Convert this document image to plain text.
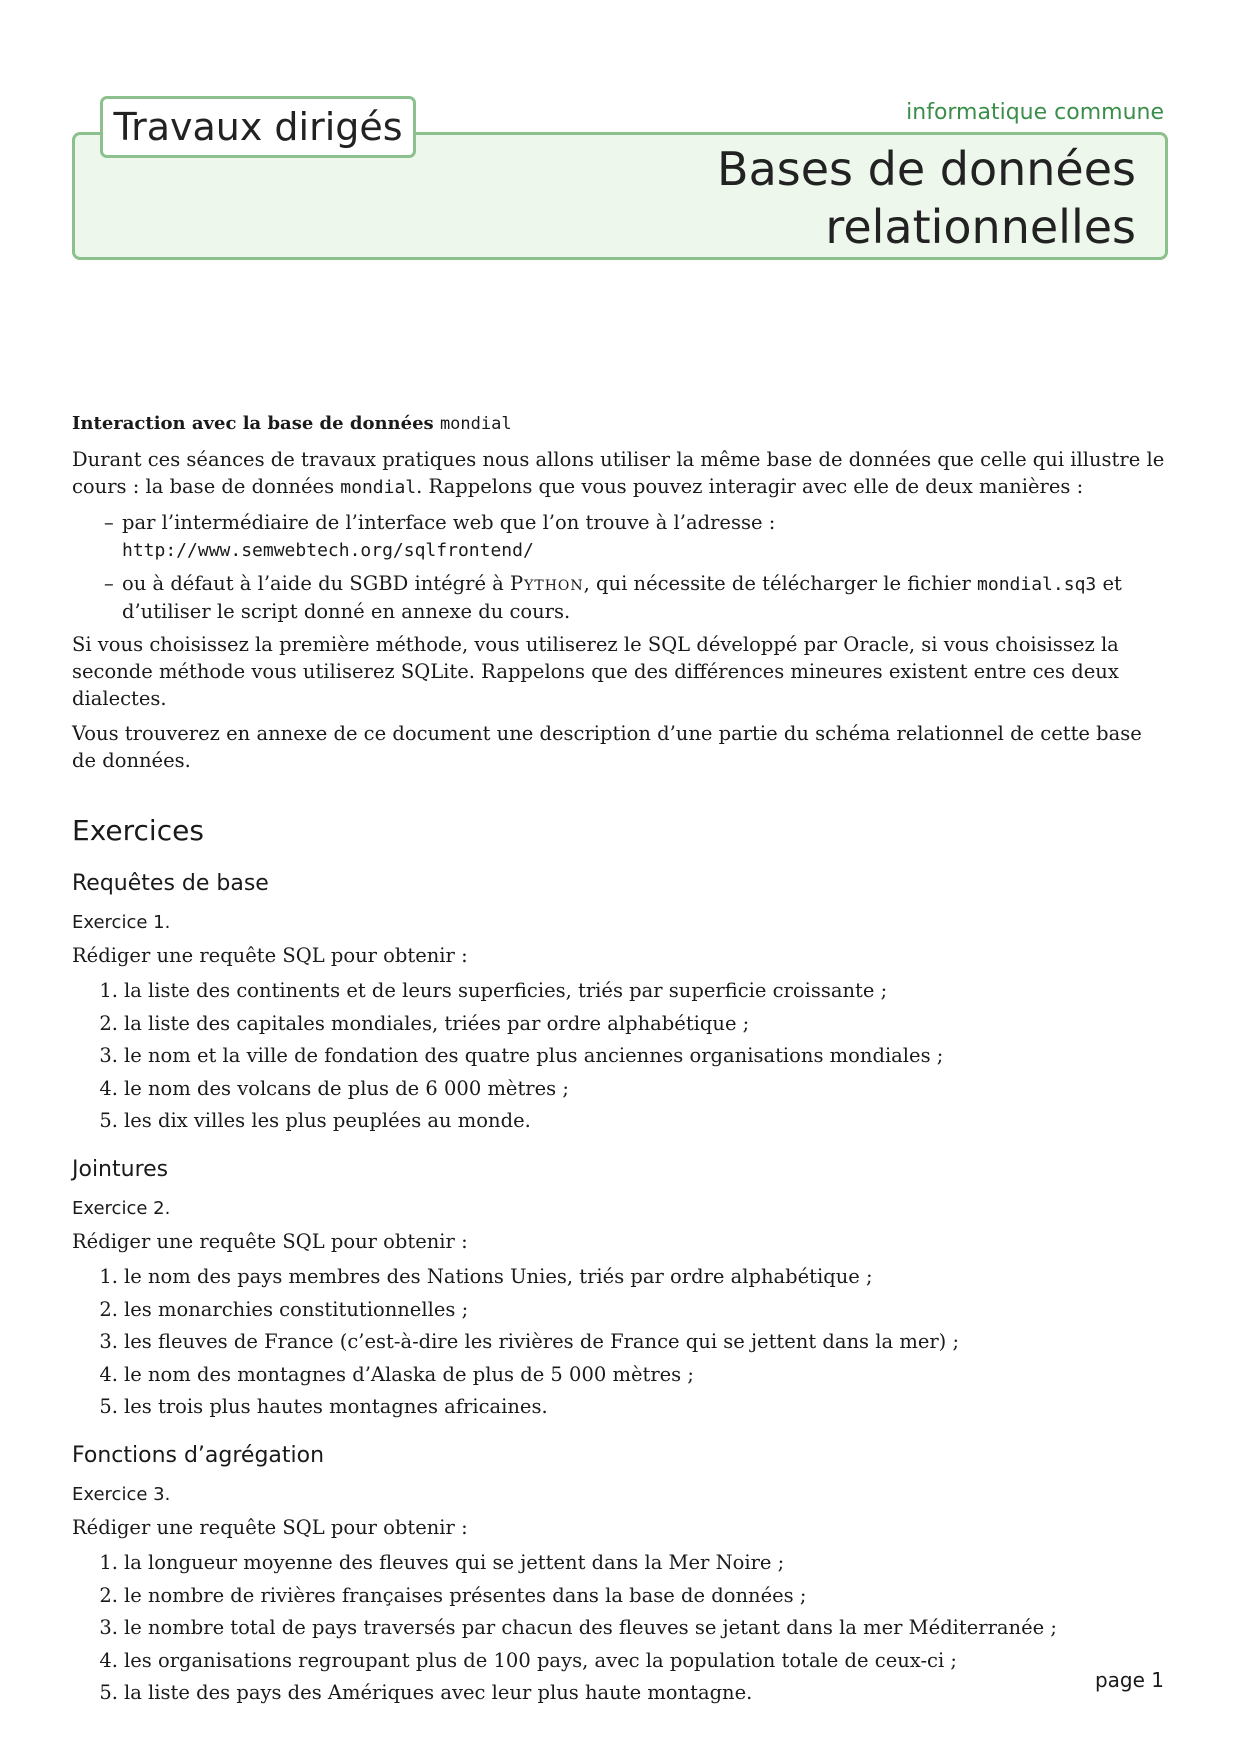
Travaux dirigés	informatique commune
Bases de données
relationnelles

Interaction avec la base de données mondial

Durant ces séances de travaux pratiques nous allons utiliser la même base de données que celle qui illustre le cours : la base de données mondial. Rappelons que vous pouvez interagir avec elle de deux manières :

– par l’intermédiaire de l’interface web que l’on trouve à l’adresse : http://www.semwebtech.org/sqlfrontend/
– ou à défaut à l’aide du SGBD intégré à Python, qui nécessite de télécharger le fichier mondial.sq3 et d’utiliser le script donné en annexe du cours.

Si vous choisissez la première méthode, vous utiliserez le SQL développé par Oracle, si vous choisissez la seconde méthode vous utiliserez SQLite. Rappelons que des différences mineures existent entre ces deux dialectes.

Vous trouverez en annexe de ce document une description d’une partie du schéma relationnel de cette base de données.

Exercices
Requêtes de base

Exercice 1.

Rédiger une requête SQL pour obtenir :

1. la liste des continents et de leurs superficies, triés par superficie croissante ;
2. la liste des capitales mondiales, triées par ordre alphabétique ;
3. le nom et la ville de fondation des quatre plus anciennes organisations mondiales ;
4. le nom des volcans de plus de 6 000 mètres ;
5. les dix villes les plus peuplées au monde.
Jointures

Exercice 2.

Rédiger une requête SQL pour obtenir :

1. le nom des pays membres des Nations Unies, triés par ordre alphabétique ;
2. les monarchies constitutionnelles ;
3. les fleuves de France (c’est-à-dire les rivières de France qui se jettent dans la mer) ;
4. le nom des montagnes d’Alaska de plus de 5 000 mètres ;
5. les trois plus hautes montagnes africaines.
Fonctions d’agrégation

Exercice 3.

Rédiger une requête SQL pour obtenir :

1. la longueur moyenne des fleuves qui se jettent dans la Mer Noire ;
2. le nombre de rivières françaises présentes dans la base de données ;
3. le nombre total de pays traversés par chacun des fleuves se jetant dans la mer Méditerranée ;
4. les organisations regroupant plus de 100 pays, avec la population totale de ceux-ci ;
5. la liste des pays des Amériques avec leur plus haute montagne.
page 1
